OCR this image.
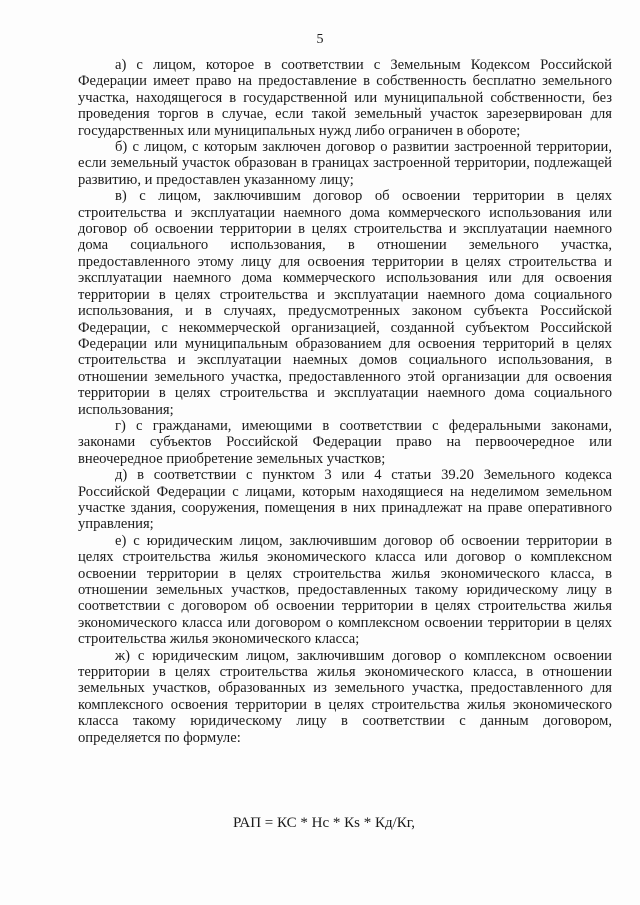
5

а) с лицом, которое в соответствии с Земельным Кодексом Российской Федерации имеет право на предоставление в собственность бесплатно земельного участка, находящегося в государственной или муниципальной собственности, без проведения торгов в случае, если такой земельный участок зарезервирован для государственных или муниципальных нужд либо ограничен в обороте;

б) с лицом, с которым заключен договор о развитии застроенной территории, если земельный участок образован в границах застроенной территории, подлежащей развитию, и предоставлен указанному лицу;

в) с лицом, заключившим договор об освоении территории в целях строительства и эксплуатации наемного дома коммерческого использования или договор об освоении территории в целях строительства и эксплуатации наемного дома социального использования, в отношении земельного участка, предоставленного этому лицу для освоения территории в целях строительства и эксплуатации наемного дома коммерческого использования или для освоения территории в целях строительства и эксплуатации наемного дома социального использования, и в случаях, предусмотренных законом субъекта Российской Федерации, с некоммерческой организацией, созданной субъектом Российской Федерации или муниципальным образованием для освоения территорий в целях строительства и эксплуатации наемных домов социального использования, в отношении земельного участка, предоставленного этой организации для освоения территории в целях строительства и эксплуатации наемного дома социального использования;

г) с гражданами, имеющими в соответствии с федеральными законами, законами субъектов Российской Федерации право на первоочередное или внеочередное приобретение земельных участков;

д) в соответствии с пунктом 3 или 4 статьи 39.20 Земельного кодекса Российской Федерации с лицами, которым находящиеся на неделимом земельном участке здания, сооружения, помещения в них принадлежат на праве оперативного управления;

е) с юридическим лицом, заключившим договор об освоении территории в целях строительства жилья экономического класса или договор о комплексном освоении территории в целях строительства жилья экономического класса, в отношении земельных участков, предоставленных такому юридическому лицу в соответствии с договором об освоении территории в целях строительства жилья экономического класса или договором о комплексном освоении территории в целях строительства жилья экономического класса;

ж) с юридическим лицом, заключившим договор о комплексном освоении территории в целях строительства жилья экономического класса, в отношении земельных участков, образованных из земельного участка, предоставленного для комплексного освоения территории в целях строительства жилья экономического класса такому юридическому лицу в соответствии с данным договором, определяется по формуле:

РАП = КС * Нс * Кs * Кд/Кг,
